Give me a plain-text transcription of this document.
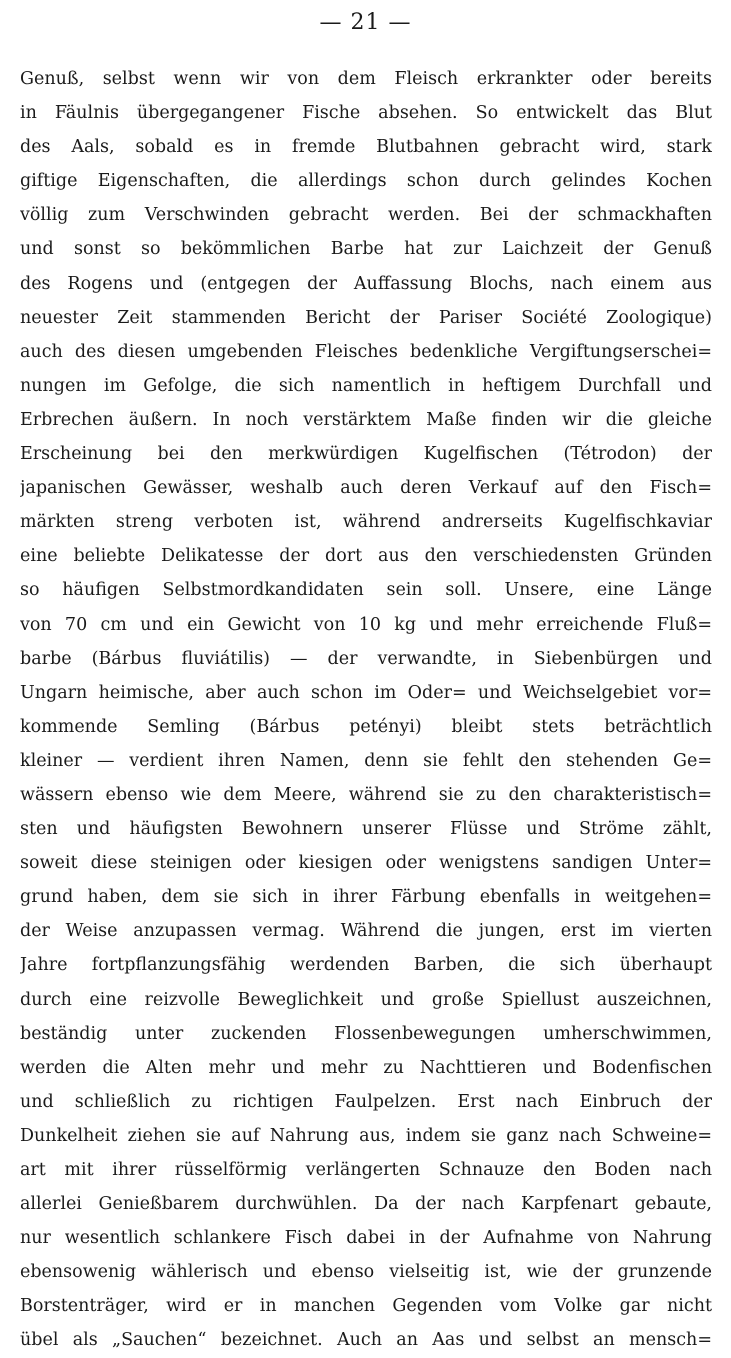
— 21 —
Genuß, selbst wenn wir von dem Fleisch erkrankter oder bereits
in Fäulnis übergegangener Fische absehen. So entwickelt das Blut
des Aals, sobald es in fremde Blutbahnen gebracht wird, stark
giftige Eigenschaften, die allerdings schon durch gelindes Kochen
völlig zum Verschwinden gebracht werden. Bei der schmackhaften
und sonst so bekömmlichen Barbe hat zur Laichzeit der Genuß
des Rogens und (entgegen der Auffassung Blochs, nach einem aus
neuester Zeit stammenden Bericht der Pariser Société Zoologique)
auch des diesen umgebenden Fleisches bedenkliche Vergiftungserschei=
nungen im Gefolge, die sich namentlich in heftigem Durchfall und
Erbrechen äußern. In noch verstärktem Maße finden wir die gleiche
Erscheinung bei den merkwürdigen Kugelfischen (Tétrodon) der
japanischen Gewässer, weshalb auch deren Verkauf auf den Fisch=
märkten streng verboten ist, während andrerseits Kugelfischkaviar
eine beliebte Delikatesse der dort aus den verschiedensten Gründen
so häufigen Selbstmordkandidaten sein soll. Unsere, eine Länge
von 70 cm und ein Gewicht von 10 kg und mehr erreichende Fluß=
barbe (Bárbus fluviátilis) — der verwandte, in Siebenbürgen und
Ungarn heimische, aber auch schon im Oder= und Weichselgebiet vor=
kommende Semling (Bárbus petényi) bleibt stets beträchtlich
kleiner — verdient ihren Namen, denn sie fehlt den stehenden Ge=
wässern ebenso wie dem Meere, während sie zu den charakteristisch=
sten und häufigsten Bewohnern unserer Flüsse und Ströme zählt,
soweit diese steinigen oder kiesigen oder wenigstens sandigen Unter=
grund haben, dem sie sich in ihrer Färbung ebenfalls in weitgehen=
der Weise anzupassen vermag. Während die jungen, erst im vierten
Jahre fortpflanzungsfähig werdenden Barben, die sich überhaupt
durch eine reizvolle Beweglichkeit und große Spiellust auszeichnen,
beständig unter zuckenden Flossenbewegungen umherschwimmen,
werden die Alten mehr und mehr zu Nachttieren und Bodenfischen
und schließlich zu richtigen Faulpelzen. Erst nach Einbruch der
Dunkelheit ziehen sie auf Nahrung aus, indem sie ganz nach Schweine=
art mit ihrer rüsselförmig verlängerten Schnauze den Boden nach
allerlei Genießbarem durchwühlen. Da der nach Karpfenart gebaute,
nur wesentlich schlankere Fisch dabei in der Aufnahme von Nahrung
ebensowenig wählerisch und ebenso vielseitig ist, wie der grunzende
Borstenträger, wird er in manchen Gegenden vom Volke gar nicht
übel als „Sauchen“ bezeichnet. Auch an Aas und selbst an mensch=
